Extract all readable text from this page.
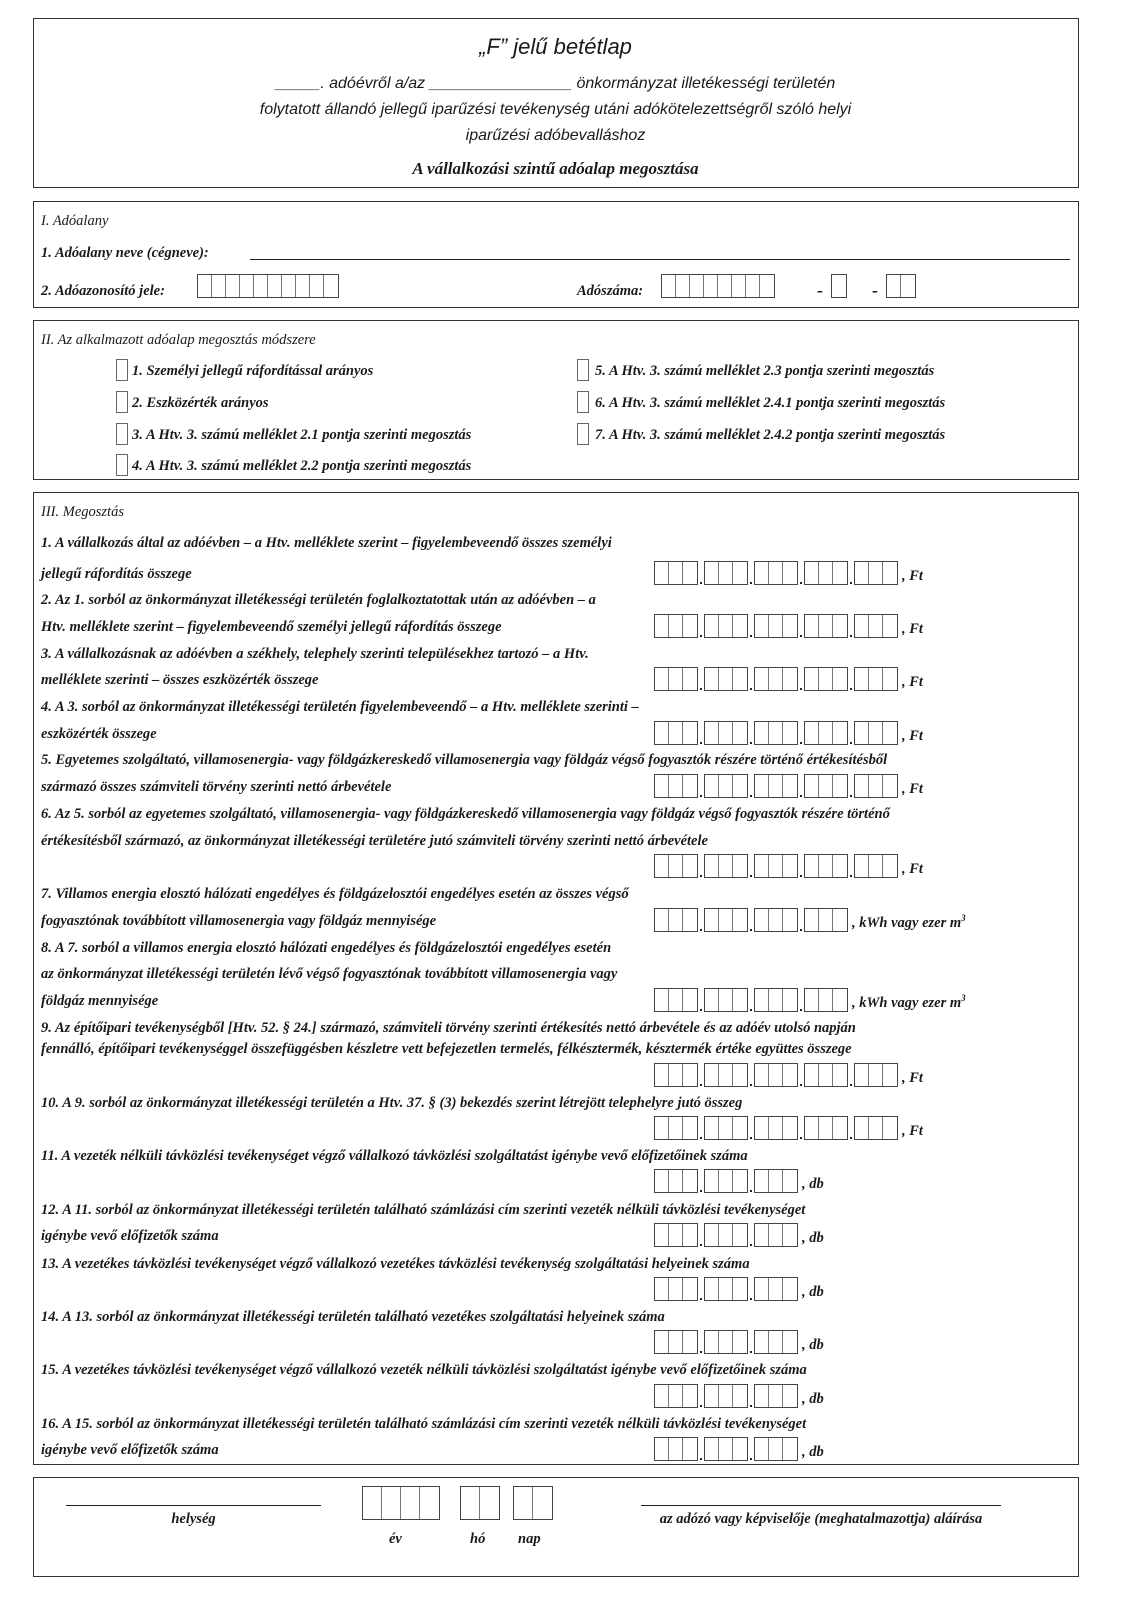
„F” jelű betétlap
_____. adóévről a/az ________________ önkormányzat illetékességi területén
folytatott állandó jellegű iparűzési tevékenység utáni adókötelezettségről szóló helyi
iparűzési adóbevalláshoz
A vállalkozási szintű adóalap megosztása
I. Adóalany
1. Adóalany neve (cégneve):
2. Adóazonosító jele:	Adószáma:	-	-
II. Az alkalmazott adóalap megosztás módszere
1. Személyi jellegű ráfordítással arányos
2. Eszközérték arányos
3. A Htv. 3. számú melléklet 2.1 pontja szerinti megosztás
4. A Htv. 3. számú melléklet 2.2 pontja szerinti megosztás
5. A Htv. 3. számú melléklet 2.3 pontja szerinti megosztás
6. A Htv. 3. számú melléklet 2.4.1 pontja szerinti megosztás
7. A Htv. 3. számú melléklet 2.4.2 pontja szerinti megosztás
III. Megosztás
1. A vállalkozás által az adóévben – a Htv. melléklete szerint – figyelembeveendő összes személyi
jellegű ráfordítás összege	, Ft
2. Az 1. sorból az önkormányzat illetékességi területén foglalkoztatottak után az adóévben – a
Htv. melléklete szerint – figyelembeveendő személyi jellegű ráfordítás összege	, Ft
3. A vállalkozásnak az adóévben a székhely, telephely szerinti településekhez tartozó – a Htv.
melléklete szerinti – összes eszközérték összege	, Ft
4. A 3. sorból az önkormányzat illetékességi területén figyelembeveendő – a Htv. melléklete szerinti –
eszközérték összege	, Ft
5. Egyetemes szolgáltató, villamosenergia- vagy földgázkereskedő villamosenergia vagy földgáz végső fogyasztók részére történő értékesítésből
származó összes számviteli törvény szerinti nettó árbevétele	, Ft
6. Az 5. sorból az egyetemes szolgáltató, villamosenergia- vagy földgázkereskedő villamosenergia vagy földgáz végső fogyasztók részére történő
értékesítésből származó, az önkormányzat illetékességi területére jutó számviteli törvény szerinti nettó árbevétele
, Ft
7. Villamos energia elosztó hálózati engedélyes és földgázelosztói engedélyes esetén az összes végső
fogyasztónak továbbított villamosenergia vagy földgáz mennyisége	, kWh vagy ezer $m^3$
8. A 7. sorból a villamos energia elosztó hálózati engedélyes és földgázelosztói engedélyes esetén
az önkormányzat illetékességi területén lévő végső fogyasztónak továbbított villamosenergia vagy
földgáz mennyisége	, kWh vagy ezer $m^3$
9. Az építőipari tevékenységből [Htv. 52. § 24.] származó, számviteli törvény szerinti értékesítés nettó árbevétele és az adóév utolsó napján
fennálló, építőipari tevékenységgel összefüggésben készletre vett befejezetlen termelés, félkésztermék, késztermék értéke együttes összege
, Ft
10. A 9. sorból az önkormányzat illetékességi területén a Htv. 37. § (3) bekezdés szerint létrejött telephelyre jutó összeg
, Ft
11. A vezeték nélküli távközlési tevékenységet végző vállalkozó távközlési szolgáltatást igénybe vevő előfizetőinek száma
, db
12. A 11. sorból az önkormányzat illetékességi területén található számlázási cím szerinti vezeték nélküli távközlési tevékenységet
igénybe vevő előfizetők száma	, db
13. A vezetékes távközlési tevékenységet végző vállalkozó vezetékes távközlési tevékenység szolgáltatási helyeinek száma
, db
14. A 13. sorból az önkormányzat illetékességi területén található vezetékes szolgáltatási helyeinek száma
, db
15. A vezetékes távközlési tevékenységet végző vállalkozó vezeték nélküli távközlési szolgáltatást igénybe vevő előfizetőinek száma
, db
16. A 15. sorból az önkormányzat illetékességi területén található számlázási cím szerinti vezeték nélküli távközlési tevékenységet
igénybe vevő előfizetők száma	, db
helység
év	hó nap
az adózó vagy képviselője (meghatalmazottja) aláírása
